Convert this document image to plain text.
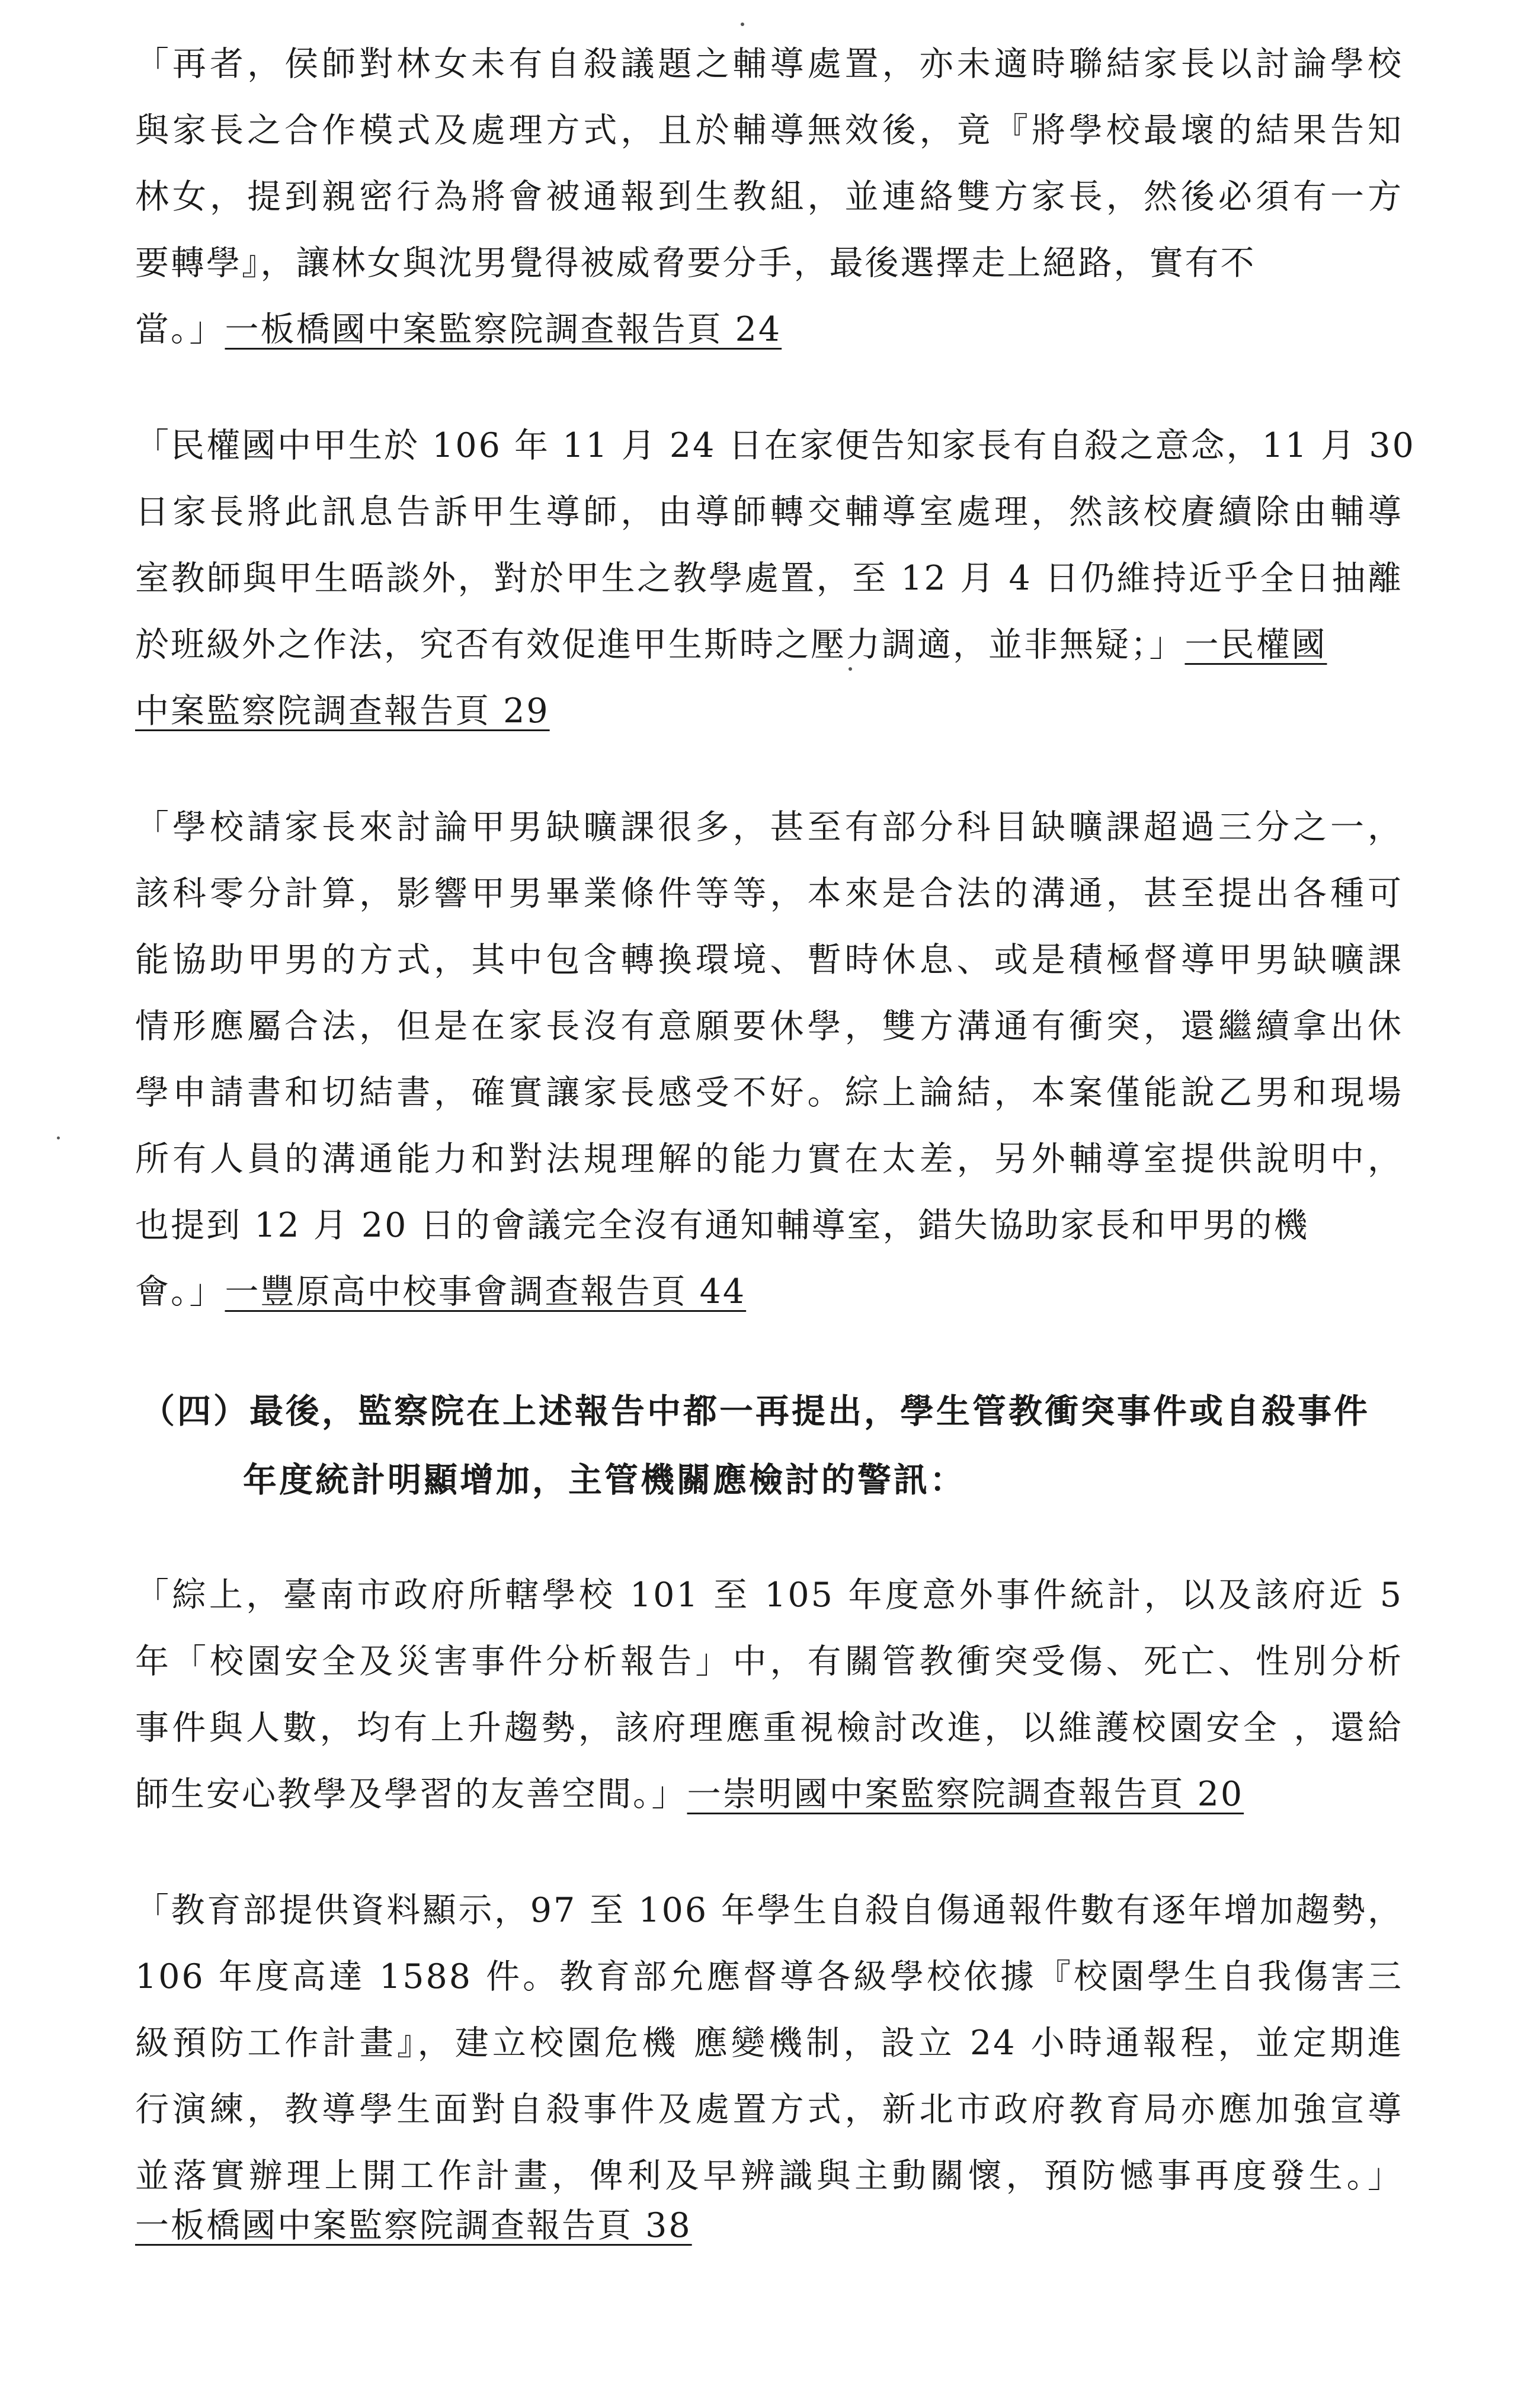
「再者，侯師對林女未有自殺議題之輔導處置，亦未適時聯結家長以討論學校
與家長之合作模式及處理方式，且於輔導無效後，竟『將學校最壞的結果告知
林女，提到親密行為將會被通報到生教組，並連絡雙方家長，然後必須有一方
要轉學』，讓林女與沈男覺得被威脅要分手，最後選擇走上絕路，實有不
當。」一板橋國中案監察院調查報告頁 24
「民權國中甲生於 106 年 11 月 24 日在家便告知家長有自殺之意念，11 月 30
日家長將此訊息告訴甲生導師，由導師轉交輔導室處理，然該校賡續除由輔導
室教師與甲生晤談外，對於甲生之教學處置，至 12 月 4 日仍維持近乎全日抽離
於班級外之作法，究否有效促進甲生斯時之壓力調適，並非無疑；」一民權國
中案監察院調查報告頁 29
「學校請家長來討論甲男缺曠課很多，甚至有部分科目缺曠課超過三分之一，
該科零分計算，影響甲男畢業條件等等，本來是合法的溝通，甚至提出各種可
能協助甲男的方式，其中包含轉換環境、暫時休息、或是積極督導甲男缺曠課
情形應屬合法，但是在家長沒有意願要休學，雙方溝通有衝突，還繼續拿出休
學申請書和切結書，確實讓家長感受不好。綜上論結，本案僅能說乙男和現場
所有人員的溝通能力和對法規理解的能力實在太差，另外輔導室提供說明中，
也提到 12 月 20 日的會議完全沒有通知輔導室，錯失協助家長和甲男的機
會。」一豐原高中校事會調查報告頁 44
（四）最後，監察院在上述報告中都一再提出，學生管教衝突事件或自殺事件
年度統計明顯增加，主管機關應檢討的警訊：
「綜上，臺南市政府所轄學校 101 至 105 年度意外事件統計，以及該府近 5
年「校園安全及災害事件分析報告」中，有關管教衝突受傷、死亡、性別分析
事件與人數，均有上升趨勢，該府理應重視檢討改進，以維護校園安全 ，還給
師生安心教學及學習的友善空間。」一崇明國中案監察院調查報告頁 20
「教育部提供資料顯示，97 至 106 年學生自殺自傷通報件數有逐年增加趨勢，
106 年度高達 1588 件。教育部允應督導各級學校依據『校園學生自我傷害三
級預防工作計畫』，建立校園危機 應變機制，設立 24 小時通報程，並定期進
行演練，教導學生面對自殺事件及處置方式，新北市政府教育局亦應加強宣導
並落實辦理上開工作計畫，俾利及早辨識與主動關懷，預防憾事再度發生。」
一板橋國中案監察院調查報告頁 38
